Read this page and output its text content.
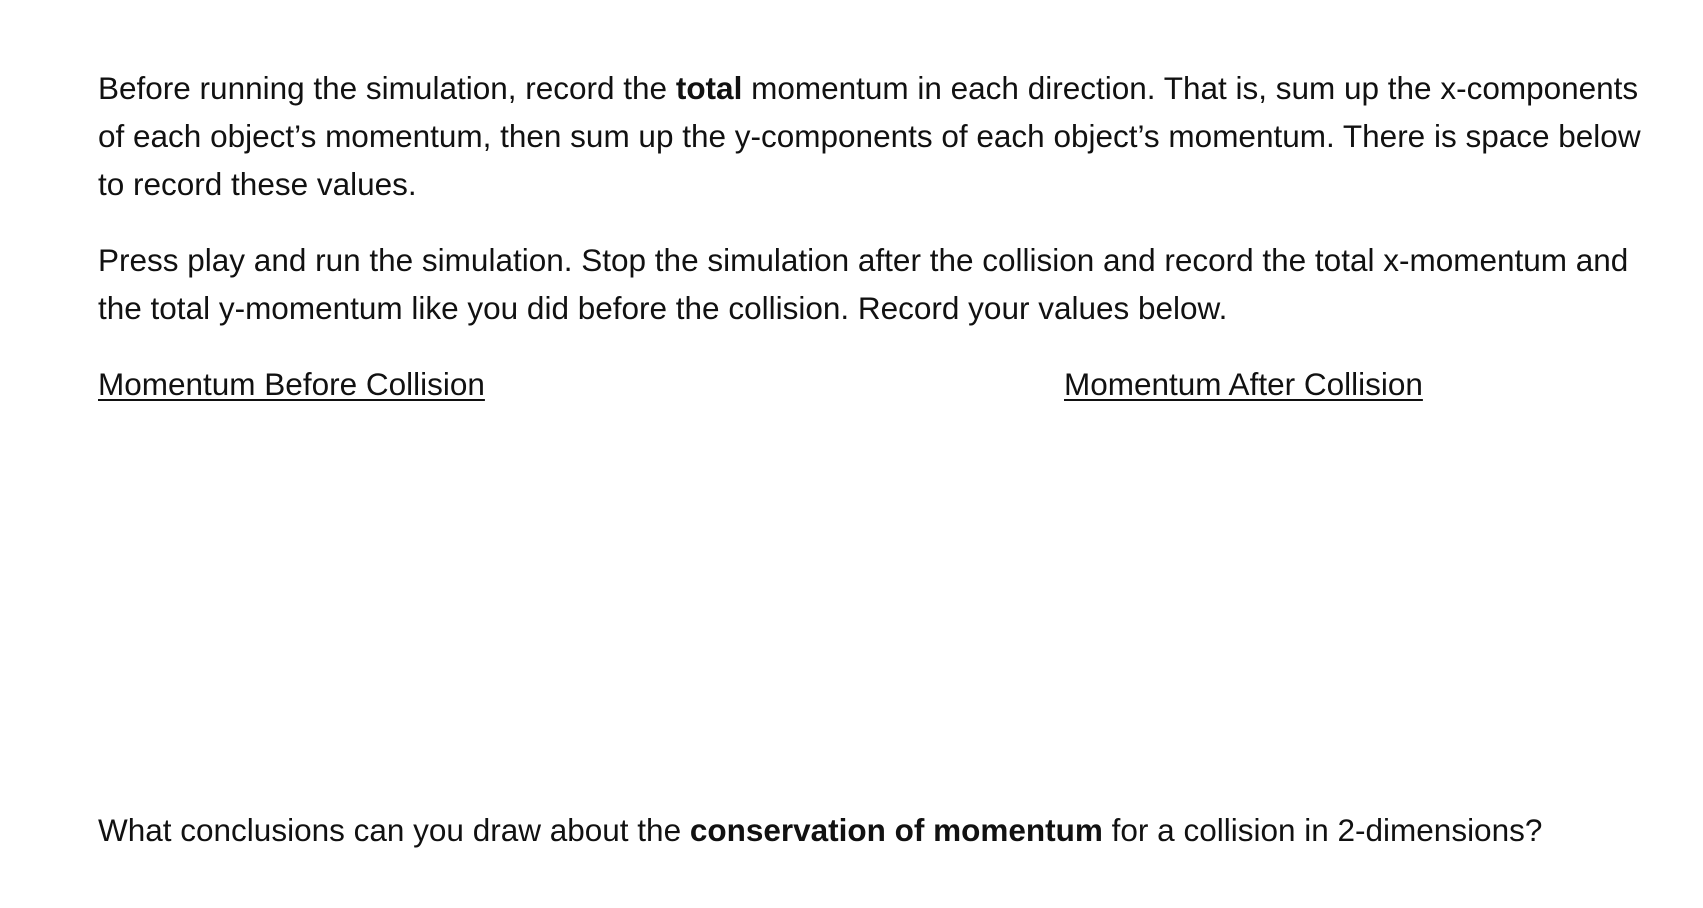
Before running the simulation, record the total momentum in each direction. That is, sum up the x-components of each object’s momentum, then sum up the y-components of each object’s momentum. There is space below to record these values.

Press play and run the simulation. Stop the simulation after the collision and record the total x-momentum and the total y-momentum like you did before the collision. Record your values below.

Momentum Before Collision	Momentum After Collision

What conclusions can you draw about the conservation of momentum for a collision in 2-dimensions?
